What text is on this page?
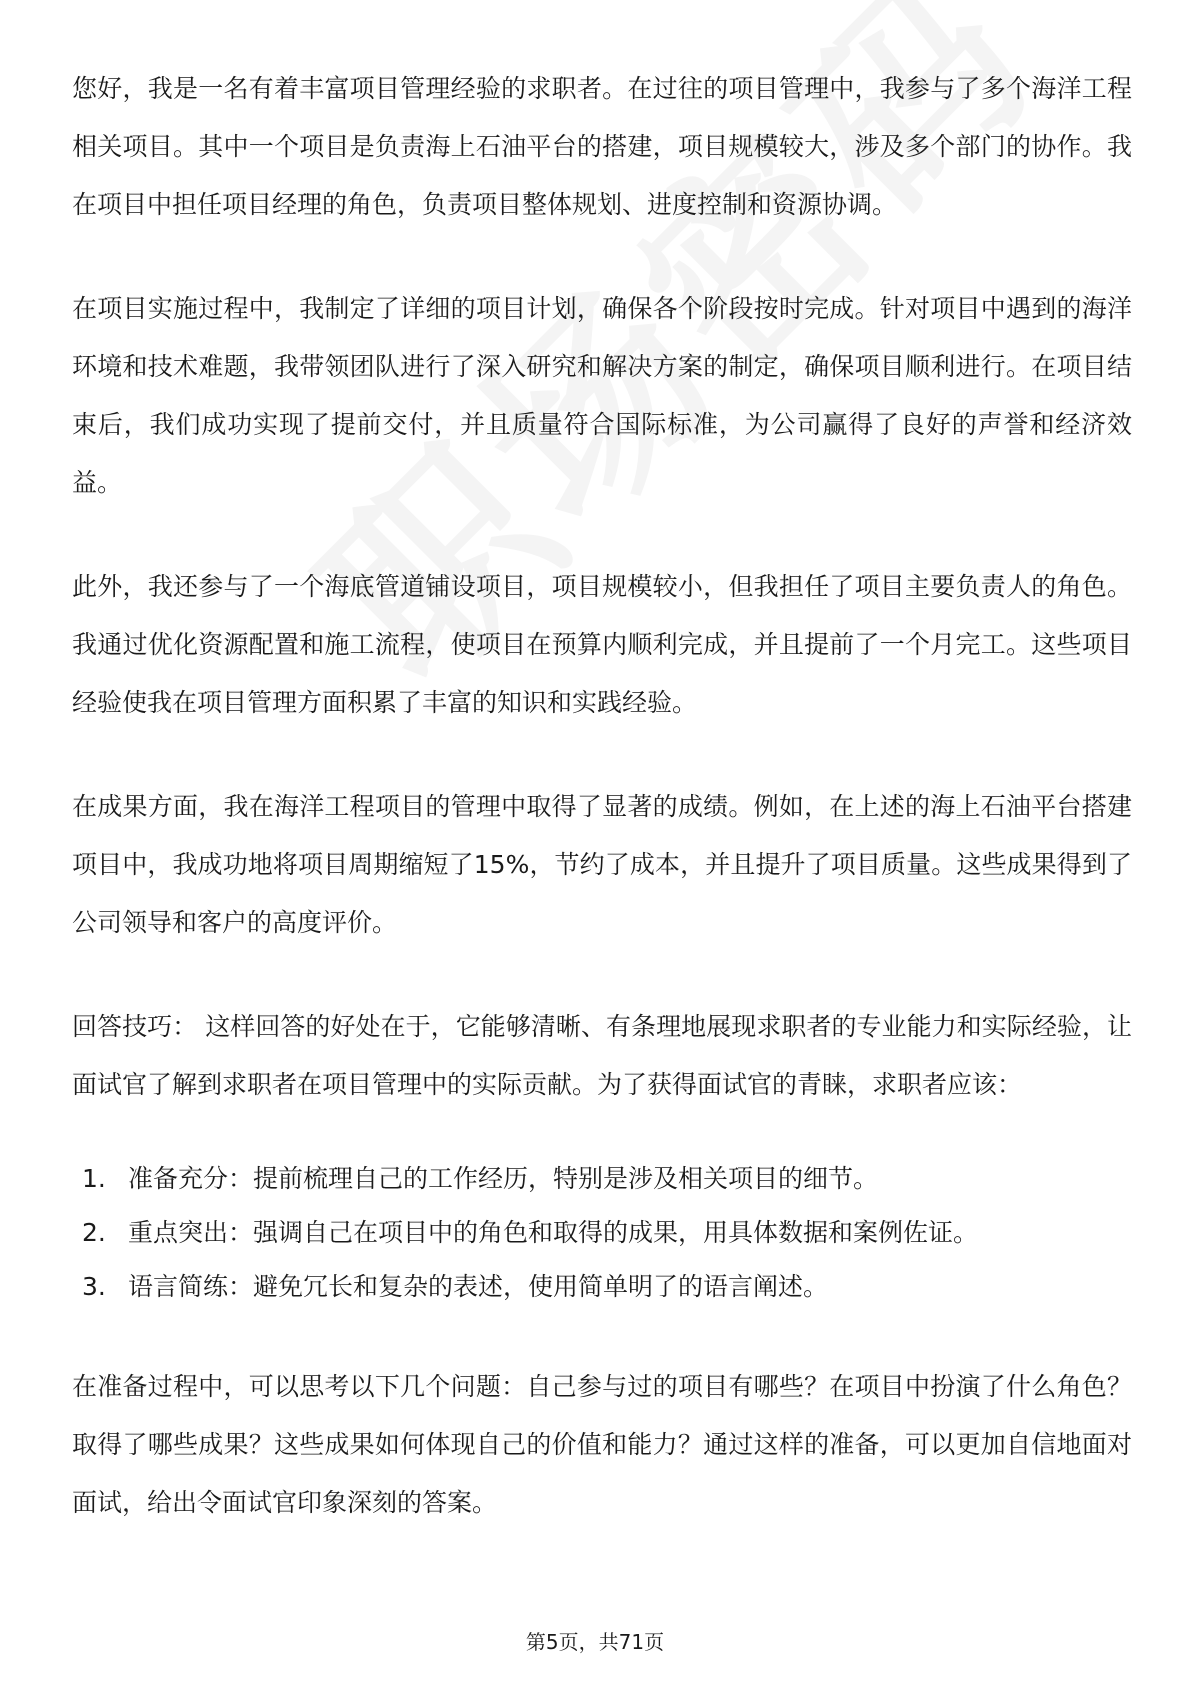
您好，我是一名有着丰富项目管理经验的求职者。在过往的项目管理中，我参与了多个海洋工程相关项目。其中一个项目是负责海上石油平台的搭建，项目规模较大，涉及多个部门的协作。我在项目中担任项目经理的角色，负责项目整体规划、进度控制和资源协调。

在项目实施过程中，我制定了详细的项目计划，确保各个阶段按时完成。针对项目中遇到的海洋环境和技术难题，我带领团队进行了深入研究和解决方案的制定，确保项目顺利进行。在项目结束后，我们成功实现了提前交付，并且质量符合国际标准，为公司赢得了良好的声誉和经济效益。

此外，我还参与了一个海底管道铺设项目，项目规模较小，但我担任了项目主要负责人的角色。我通过优化资源配置和施工流程，使项目在预算内顺利完成，并且提前了一个月完工。这些项目经验使我在项目管理方面积累了丰富的知识和实践经验。

在成果方面，我在海洋工程项目的管理中取得了显著的成绩。例如，在上述的海上石油平台搭建项目中，我成功地将项目周期缩短了15%，节约了成本，并且提升了项目质量。这些成果得到了公司领导和客户的高度评价。

回答技巧： 这样回答的好处在于，它能够清晰、有条理地展现求职者的专业能力和实际经验，让面试官了解到求职者在项目管理中的实际贡献。为了获得面试官的青睐，求职者应该：

1. 准备充分：提前梳理自己的工作经历，特别是涉及相关项目的细节。
2. 重点突出：强调自己在项目中的角色和取得的成果，用具体数据和案例佐证。
3. 语言简练：避免冗长和复杂的表述，使用简单明了的语言阐述。

在准备过程中，可以思考以下几个问题：自己参与过的项目有哪些？在项目中扮演了什么角色？取得了哪些成果？这些成果如何体现自己的价值和能力？通过这样的准备，可以更加自信地面对面试，给出令面试官印象深刻的答案。

第5页，共71页
